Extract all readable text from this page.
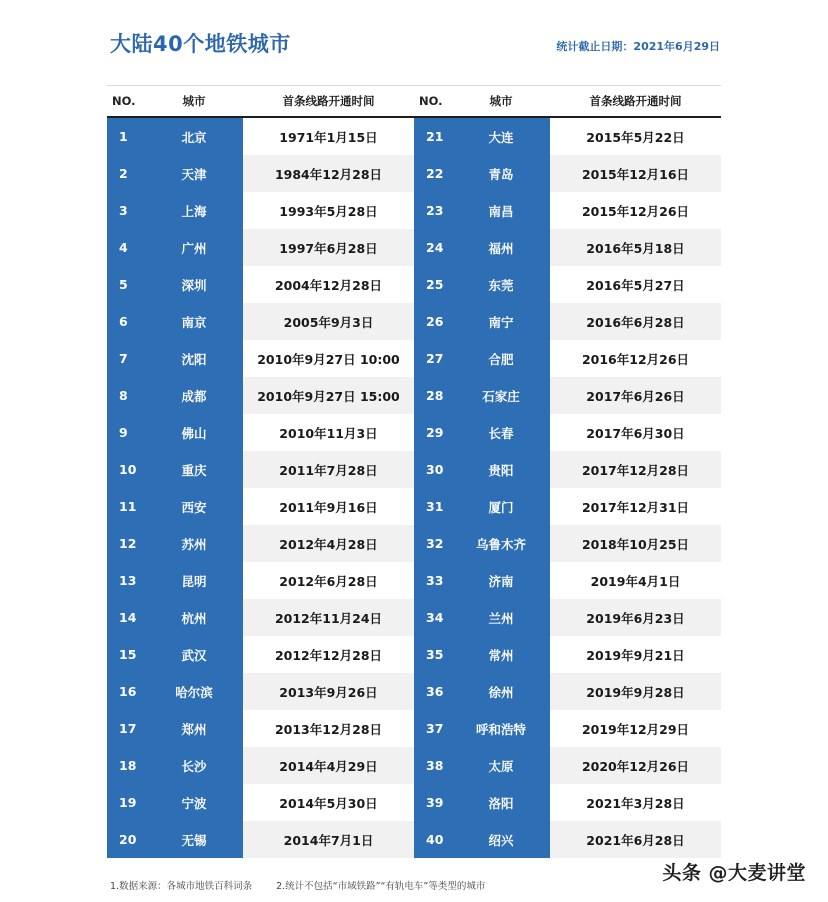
大陆40个地铁城市	统计截止日期：2021年6月29日
NO.	城市	首条线路开通时间
1	北京	1971年1月15日
2	天津	1984年12月28日
3	上海	1993年5月28日
4	广州	1997年6月28日
5	深圳	2004年12月28日
6	南京	2005年9月3日
7	沈阳	2010年9月27日 10:00
8	成都	2010年9月27日 15:00
9	佛山	2010年11月3日
10	重庆	2011年7月28日
11	西安	2011年9月16日
12	苏州	2012年4月28日
13	昆明	2012年6月28日
14	杭州	2012年11月24日
15	武汉	2012年12月28日
16	哈尔滨	2013年9月26日
17	郑州	2013年12月28日
18	长沙	2014年4月29日
19	宁波	2014年5月30日
20	无锡	2014年7月1日
NO.	城市	首条线路开通时间
21	大连	2015年5月22日
22	青岛	2015年12月16日
23	南昌	2015年12月26日
24	福州	2016年5月18日
25	东莞	2016年5月27日
26	南宁	2016年6月28日
27	合肥	2016年12月26日
28	石家庄	2017年6月26日
29	长春	2017年6月30日
30	贵阳	2017年12月28日
31	厦门	2017年12月31日
32	乌鲁木齐	2018年10月25日
33	济南	2019年4月1日
34	兰州	2019年6月23日
35	常州	2019年9月21日
36	徐州	2019年9月28日
37	呼和浩特	2019年12月29日
38	太原	2020年12月26日
39	洛阳	2021年3月28日
40	绍兴	2021年6月28日
1.数据来源：各城市地铁百科词条	2.统计不包括“市域铁路”“有轨电车”等类型的城市
头条 @大麦讲堂
